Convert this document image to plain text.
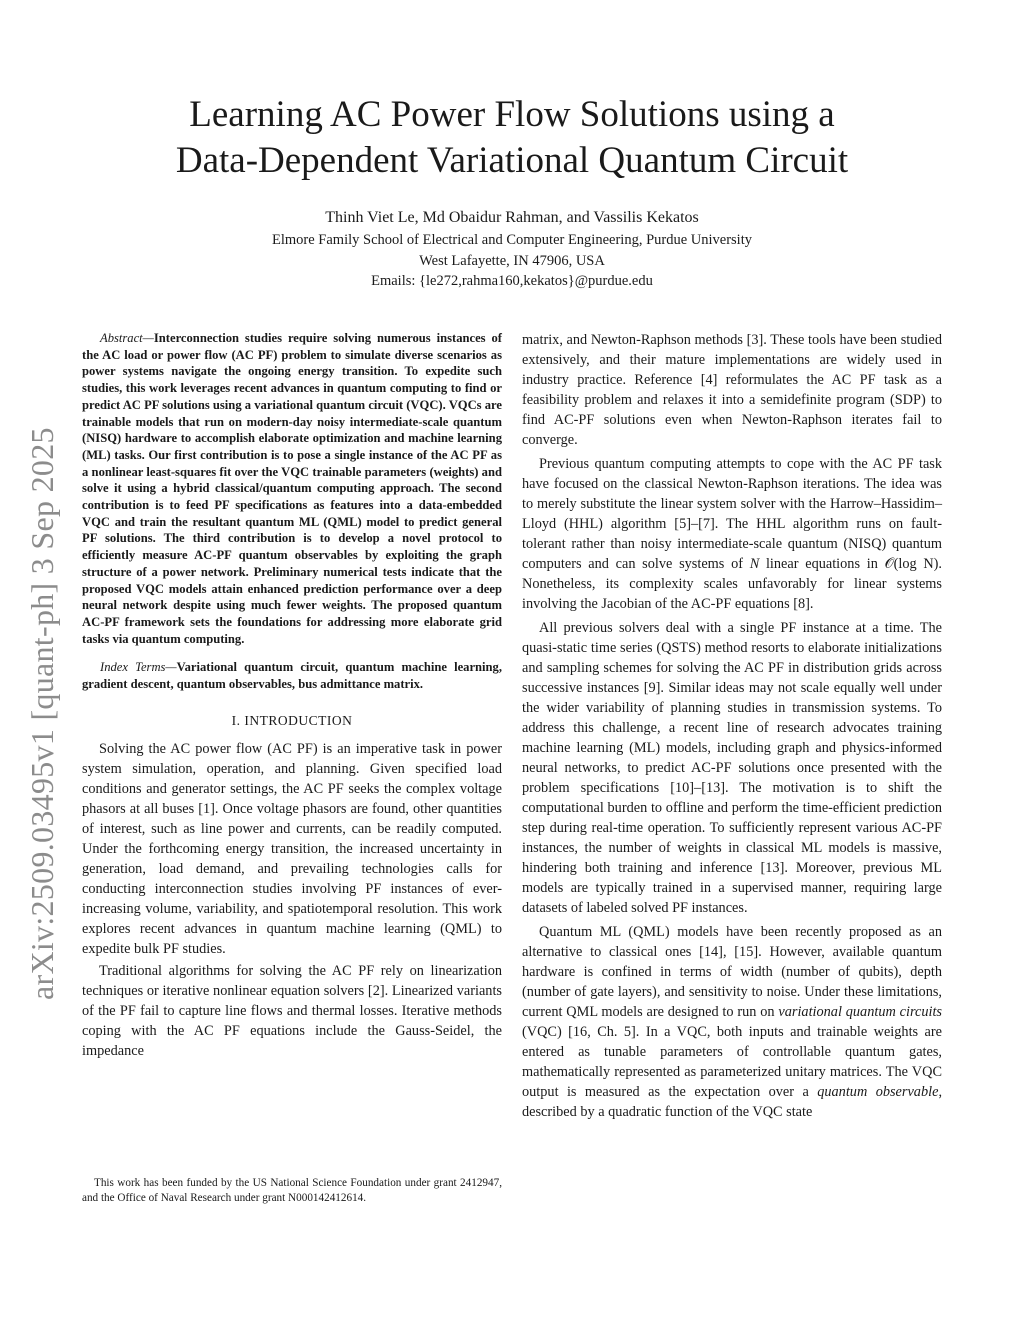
Learning AC Power Flow Solutions using a
Data-Dependent Variational Quantum Circuit
Thinh Viet Le, Md Obaidur Rahman, and Vassilis Kekatos
Elmore Family School of Electrical and Computer Engineering, Purdue University
West Lafayette, IN 47906, USA
Emails: {le272,rahma160,kekatos}@purdue.edu
arXiv:2509.03495v1 [quant-ph] 3 Sep 2025

Abstract—Interconnection studies require solving numerous instances of the AC load or power flow (AC PF) problem to simulate diverse scenarios as power systems navigate the ongoing energy transition. To expedite such studies, this work leverages recent advances in quantum computing to find or predict AC PF solutions using a variational quantum circuit (VQC). VQCs are trainable models that run on modern-day noisy intermediate-scale quantum (NISQ) hardware to accomplish elaborate optimization and machine learning (ML) tasks. Our first contribution is to pose a single instance of the AC PF as a nonlinear least-squares fit over the VQC trainable parameters (weights) and solve it using a hybrid classical/quantum computing approach. The second contribution is to feed PF specifications as features into a data-embedded VQC and train the resultant quantum ML (QML) model to predict general PF solutions. The third contribution is to develop a novel protocol to efficiently measure AC-PF quantum observables by exploiting the graph structure of a power network. Preliminary numerical tests indicate that the proposed VQC models attain enhanced prediction performance over a deep neural network despite using much fewer weights. The proposed quantum AC-PF framework sets the foundations for addressing more elaborate grid tasks via quantum computing.

Index Terms—Variational quantum circuit, quantum machine learning, gradient descent, quantum observables, bus admittance matrix.

I. INTRODUCTION

Solving the AC power flow (AC PF) is an imperative task in power system simulation, operation, and planning. Given specified load conditions and generator settings, the AC PF seeks the complex voltage phasors at all buses [1]. Once voltage phasors are found, other quantities of interest, such as line power and currents, can be readily computed. Under the forthcoming energy transition, the increased uncertainty in generation, load demand, and prevailing technologies calls for conducting interconnection studies involving PF instances of ever-increasing volume, variability, and spatiotemporal resolution. This work explores recent advances in quantum machine learning (QML) to expedite bulk PF studies.

Traditional algorithms for solving the AC PF rely on linearization techniques or iterative nonlinear equation solvers [2]. Linearized variants of the PF fail to capture line flows and thermal losses. Iterative methods coping with the AC PF equations include the Gauss-Seidel, the impedance

This work has been funded by the US National Science Foundation under grant 2412947, and the Office of Naval Research under grant N000142412614.

matrix, and Newton-Raphson methods [3]. These tools have been studied extensively, and their mature implementations are widely used in industry practice. Reference [4] reformulates the AC PF task as a feasibility problem and relaxes it into a semidefinite program (SDP) to find AC-PF solutions even when Newton-Raphson iterates fail to converge.

Previous quantum computing attempts to cope with the AC PF task have focused on the classical Newton-Raphson iterations. The idea was to merely substitute the linear system solver with the Harrow–Hassidim–Lloyd (HHL) algorithm [5]–[7]. The HHL algorithm runs on fault-tolerant rather than noisy intermediate-scale quantum (NISQ) quantum computers and can solve systems of N linear equations in 𝒪(log N). Nonetheless, its complexity scales unfavorably for linear systems involving the Jacobian of the AC-PF equations [8].

All previous solvers deal with a single PF instance at a time. The quasi-static time series (QSTS) method resorts to elaborate initializations and sampling schemes for solving the AC PF in distribution grids across successive instances [9]. Similar ideas may not scale equally well under the wider variability of planning studies in transmission systems. To address this challenge, a recent line of research advocates training machine learning (ML) models, including graph and physics-informed neural networks, to predict AC-PF solutions once presented with the problem specifications [10]–[13]. The motivation is to shift the computational burden to offline and perform the time-efficient prediction step during real-time operation. To sufficiently represent various AC-PF instances, the number of weights in classical ML models is massive, hindering both training and inference [13]. Moreover, previous ML models are typically trained in a supervised manner, requiring large datasets of labeled solved PF instances.

Quantum ML (QML) models have been recently proposed as an alternative to classical ones [14], [15]. However, available quantum hardware is confined in terms of width (number of qubits), depth (number of gate layers), and sensitivity to noise. Under these limitations, current QML models are designed to run on variational quantum circuits (VQC) [16, Ch. 5]. In a VQC, both inputs and trainable weights are entered as tunable parameters of controllable quantum gates, mathematically represented as parameterized unitary matrices. The VQC output is measured as the expectation over a quantum observable, described by a quadratic function of the VQC state
